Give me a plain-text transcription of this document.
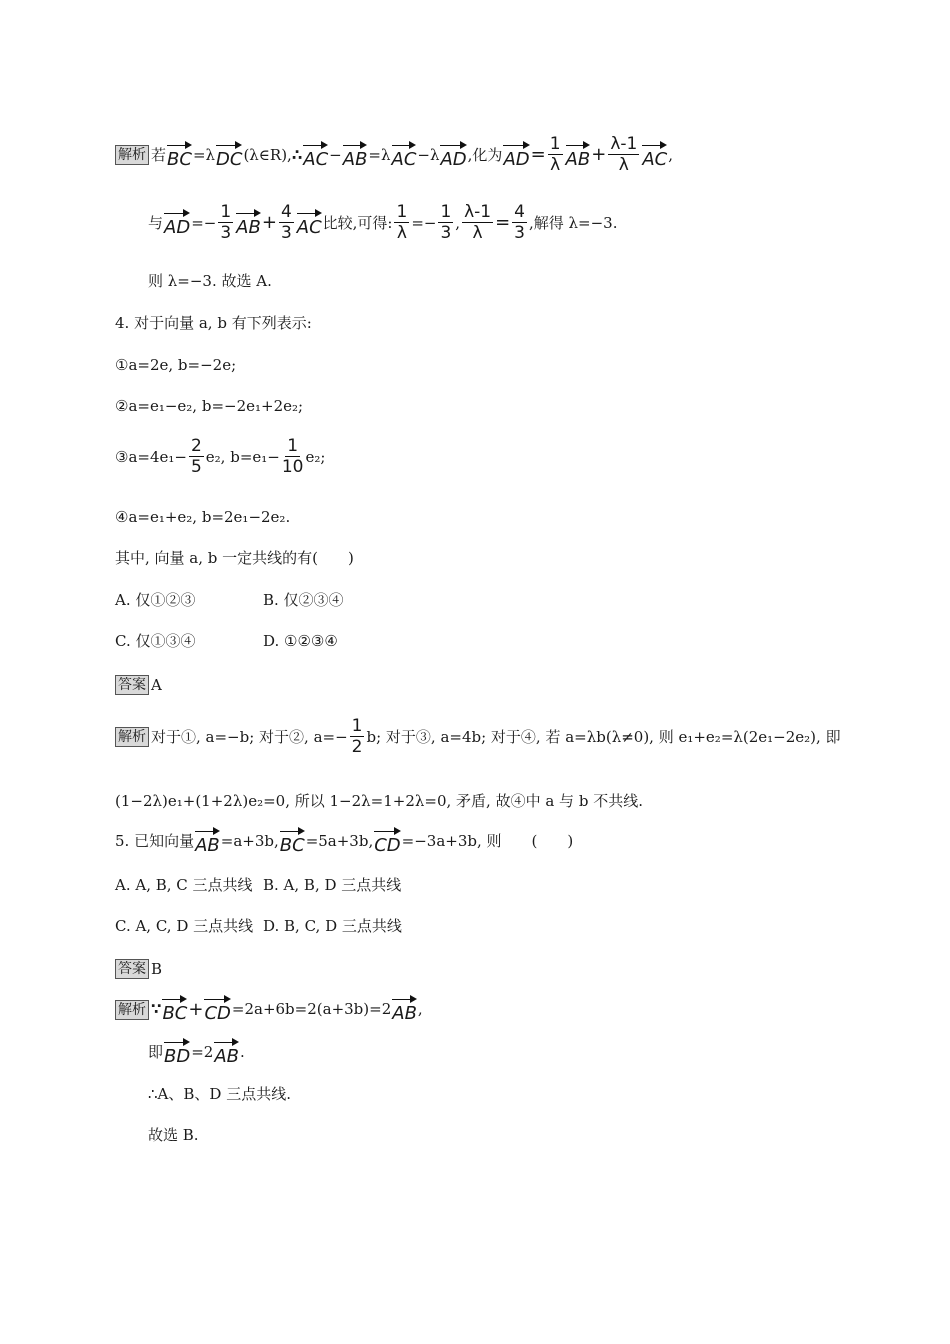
解析 若 BC =λ DC (λ∈R), ∴ AC − AB =λ AC −λ AD ,化为 AD = $\frac{1}{\lambda}$ AB + $\frac{\lambda-1}{\lambda}$ AC ,
与 AD =− $\frac{1}{3}$ AB + $\frac{4}{3}$ AC 比较,可得: $\frac{1}{\lambda} =- \frac{1}{3}$ , $\frac{\lambda-1}{\lambda} = \frac{4}{3}$ ,解得 λ=−3.
则 λ=−3. 故选 A.
4. 对于向量 a, b 有下列表示:
①a=2e, b=−2e;
②a=e₁−e₂, b=−2e₁+2e₂;
③a=4e₁− $\frac{2}{5} e_2$, $b=e_1- \frac{1}{10} e_2$;
④a=e₁+e₂, b=2e₁−2e₂.
其中, 向量 a, b 一定共线的有(　　)
A. 仅①②③	B. 仅②③④
C. 仅①③④	D. ①②③④
答案 A
解析 对于①, a=−b; 对于②, $a=- \frac{1}{2} b$; 对于③, a=4b; 对于④, 若 a=λb(λ≠0), 则 e₁+e₂=λ(2e₁−2e₂), 即
(1−2λ)e₁+(1+2λ)e₂=0, 所以 1−2λ=1+2λ=0, 矛盾, 故④中 a 与 b 不共线.
5. 已知向量 AB =a+3b, BC =5a+3b, CD =−3a+3b, 则　　(　　)
A. A, B, C 三点共线 B. A, B, D 三点共线
C. A, C, D 三点共线 D. B, C, D 三点共线
答案 B
解析 ∵ BC + CD =2a+6b=2(a+3b)=2 AB ,
即 BD =2 AB .
∴A、B、D 三点共线.
故选 B.
